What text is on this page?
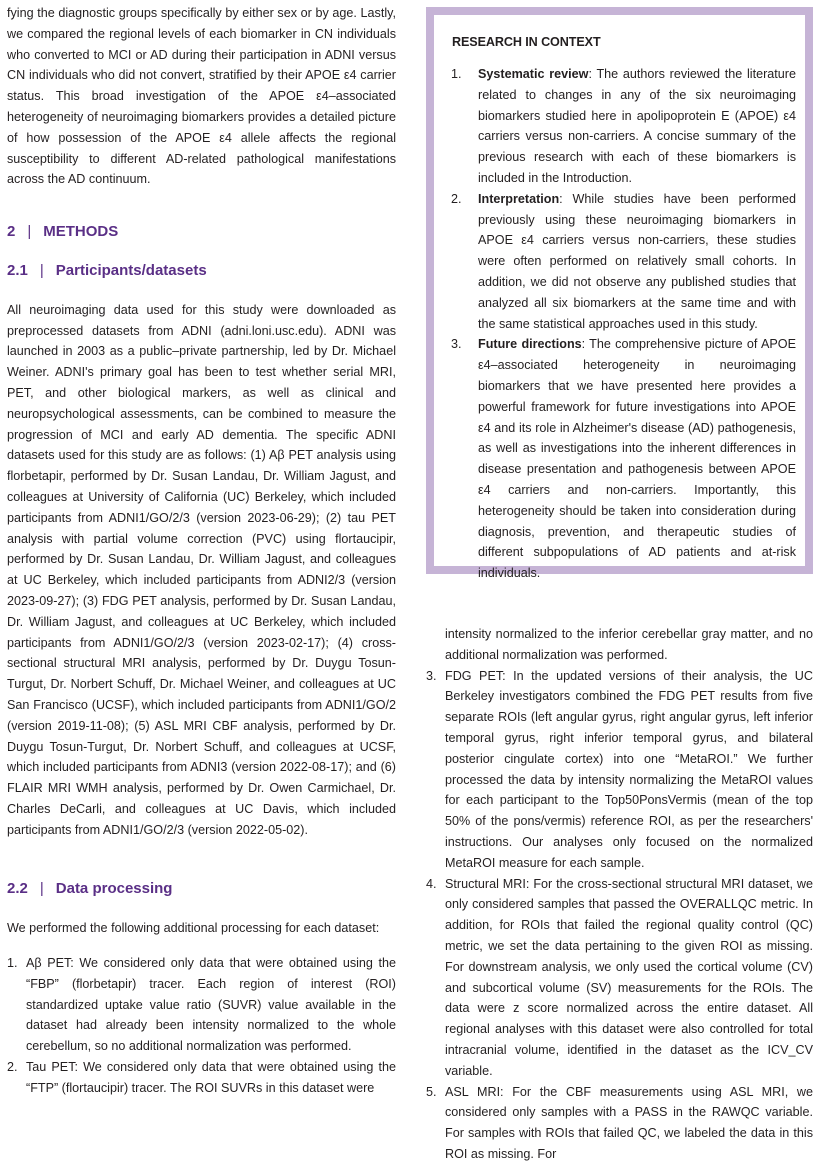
fying the diagnostic groups specifically by either sex or by age. Lastly, we compared the regional levels of each biomarker in CN individuals who converted to MCI or AD during their participation in ADNI versus CN individuals who did not convert, stratified by their APOE ε4 carrier status. This broad investigation of the APOE ε4–associated heterogeneity of neuroimaging biomarkers provides a detailed picture of how possession of the APOE ε4 allele affects the regional susceptibility to different AD-related pathological manifestations across the AD continuum.

2 | METHODS
2.1 | Participants/datasets

All neuroimaging data used for this study were downloaded as preprocessed datasets from ADNI (adni.loni.usc.edu). ADNI was launched in 2003 as a public–private partnership, led by Dr. Michael Weiner. ADNI's primary goal has been to test whether serial MRI, PET, and other biological markers, as well as clinical and neuropsychological assessments, can be combined to measure the progression of MCI and early AD dementia. The specific ADNI datasets used for this study are as follows: (1) Aβ PET analysis using florbetapir, performed by Dr. Susan Landau, Dr. William Jagust, and colleagues at University of California (UC) Berkeley, which included participants from ADNI1/GO/2/3 (version 2023-06-29); (2) tau PET analysis with partial volume correction (PVC) using flortaucipir, performed by Dr. Susan Landau, Dr. William Jagust, and colleagues at UC Berkeley, which included participants from ADNI2/3 (version 2023-09-27); (3) FDG PET analysis, performed by Dr. Susan Landau, Dr. William Jagust, and colleagues at UC Berkeley, which included participants from ADNI1/GO/2/3 (version 2023-02-17); (4) cross-sectional structural MRI analysis, performed by Dr. Duygu Tosun-Turgut, Dr. Norbert Schuff, Dr. Michael Weiner, and colleagues at UC San Francisco (UCSF), which included participants from ADNI1/GO/2 (version 2019-11-08); (5) ASL MRI CBF analysis, performed by Dr. Duygu Tosun-Turgut, Dr. Norbert Schuff, and colleagues at UCSF, which included participants from ADNI3 (version 2022-08-17); and (6) FLAIR MRI WMH analysis, performed by Dr. Owen Carmichael, Dr. Charles DeCarli, and colleagues at UC Davis, which included participants from ADNI1/GO/2/3 (version 2022-05-02).

2.2 | Data processing

We performed the following additional processing for each dataset:

1. Aβ PET: We considered only data that were obtained using the “FBP” (florbetapir) tracer. Each region of interest (ROI) standardized uptake value ratio (SUVR) value available in the dataset had already been intensity normalized to the whole cerebellum, so no additional normalization was performed.
2. Tau PET: We considered only data that were obtained using the “FTP” (flortaucipir) tracer. The ROI SUVRs in this dataset were
RESEARCH IN CONTEXT
1. Systematic review: The authors reviewed the literature related to changes in any of the six neuroimaging biomarkers studied here in apolipoprotein E (APOE) ε4 carriers versus non-carriers. A concise summary of the previous research with each of these biomarkers is included in the Introduction.
2. Interpretation: While studies have been performed previously using these neuroimaging biomarkers in APOE ε4 carriers versus non-carriers, these studies were often performed on relatively small cohorts. In addition, we did not observe any published studies that analyzed all six biomarkers at the same time and with the same statistical approaches used in this study.
3. Future directions: The comprehensive picture of APOE ε4–associated heterogeneity in neuroimaging biomarkers that we have presented here provides a powerful framework for future investigations into APOE ε4 and its role in Alzheimer's disease (AD) pathogenesis, as well as investigations into the inherent differences in disease presentation and pathogenesis between APOE ε4 carriers and non-carriers. Importantly, this heterogeneity should be taken into consideration during diagnosis, prevention, and therapeutic studies of different subpopulations of AD patients and at-risk individuals.
intensity normalized to the inferior cerebellar gray matter, and no additional normalization was performed.
3. FDG PET: In the updated versions of their analysis, the UC Berkeley investigators combined the FDG PET results from five separate ROIs (left angular gyrus, right angular gyrus, left inferior temporal gyrus, right inferior temporal gyrus, and bilateral posterior cingulate cortex) into one “MetaROI.” We further processed the data by intensity normalizing the MetaROI values for each participant to the Top50PonsVermis (mean of the top 50% of the pons/vermis) reference ROI, as per the researchers' instructions. Our analyses only focused on the normalized MetaROI measure for each sample.
4. Structural MRI: For the cross-sectional structural MRI dataset, we only considered samples that passed the OVERALLQC metric. In addition, for ROIs that failed the regional quality control (QC) metric, we set the data pertaining to the given ROI as missing. For downstream analysis, we only used the cortical volume (CV) and subcortical volume (SV) measurements for the ROIs. The data were z score normalized across the entire dataset. All regional analyses with this dataset were also controlled for total intracranial volume, identified in the dataset as the ICV_CV variable.
5. ASL MRI: For the CBF measurements using ASL MRI, we considered only samples with a PASS in the RAWQC variable. For samples with ROIs that failed QC, we labeled the data in this ROI as missing. For
